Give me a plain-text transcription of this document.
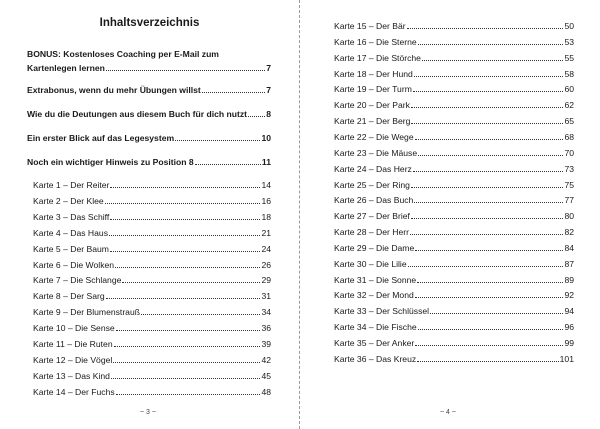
Inhaltsverzeichnis
BONUS: Kostenloses Coaching per E-Mail zum
Kartenlegen lernen	7
Extrabonus, wenn du mehr Übungen willst	7
Wie du die Deutungen aus diesem Buch für dich nutzt 8
Ein erster Blick auf das Legesystem	10
Noch ein wichtiger Hinweis zu Position 8	11
Karte 1 – Der Reiter	14
Karte 2 – Der Klee	16
Karte 3 – Das Schiff	18
Karte 4 – Das Haus	21
Karte 5 – Der Baum	24
Karte 6 – Die Wolken	26
Karte 7 – Die Schlange	29
Karte 8 – Der Sarg	31
Karte 9 – Der Blumenstrauß	34
Karte 10 – Die Sense	36
Karte 11 – Die Ruten	39
Karte 12 – Die Vögel	42
Karte 13 – Das Kind	45
Karte 14 – Der Fuchs	48
~ 3 ~
Karte 15 – Der Bär	50
Karte 16 – Die Sterne	53
Karte 17 – Die Störche	55
Karte 18 – Der Hund	58
Karte 19 – Der Turm	60
Karte 20 – Der Park	62
Karte 21 – Der Berg	65
Karte 22 – Die Wege	68
Karte 23 – Die Mäuse	70
Karte 24 – Das Herz	73
Karte 25 – Der Ring	75
Karte 26 – Das Buch	77
Karte 27 – Der Brief	80
Karte 28 – Der Herr	82
Karte 29 – Die Dame	84
Karte 30 – Die Lilie	87
Karte 31 – Die Sonne	89
Karte 32 – Der Mond	92
Karte 33 – Der Schlüssel	94
Karte 34 – Die Fische	96
Karte 35 – Der Anker	99
Karte 36 – Das Kreuz	101
~ 4 ~
